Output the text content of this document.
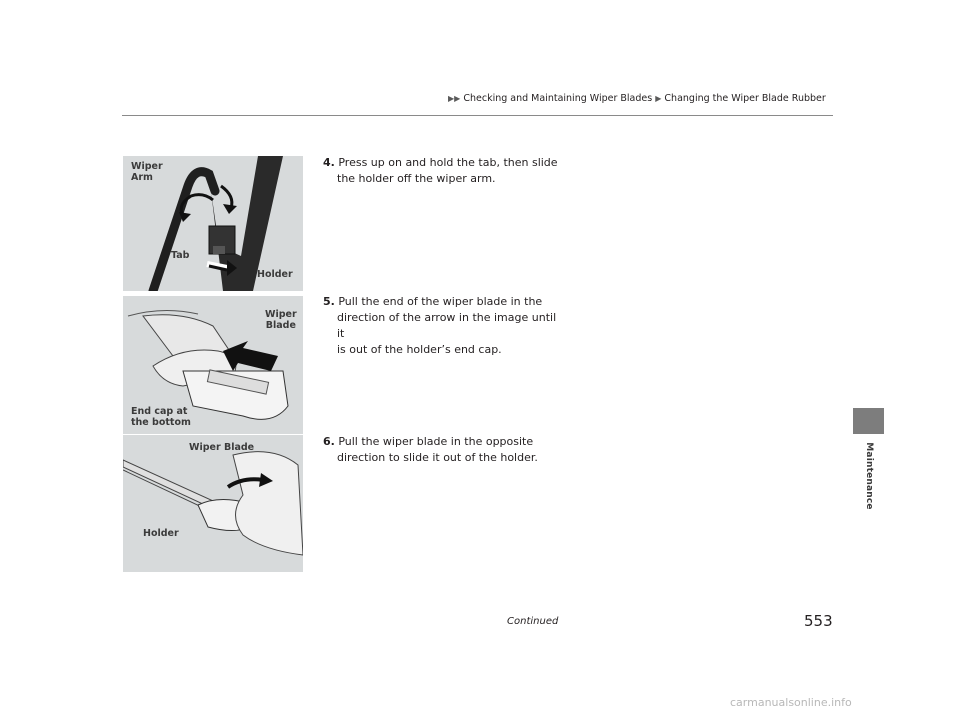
▶▶ Checking and Maintaining Wiper Blades ▶ Changing the Wiper Blade Rubber
Maintenance
Wiper
Arm
Tab
Holder
Wiper
Blade
End cap at
the bottom
Wiper Blade
Holder
4. Press up on and hold the tab, then slide
the holder off the wiper arm.
5. Pull the end of the wiper blade in the
direction of the arrow in the image until it
is out of the holder’s end cap.
6. Pull the wiper blade in the opposite
direction to slide it out of the holder.
Continued	553
carmanualsonline.info
